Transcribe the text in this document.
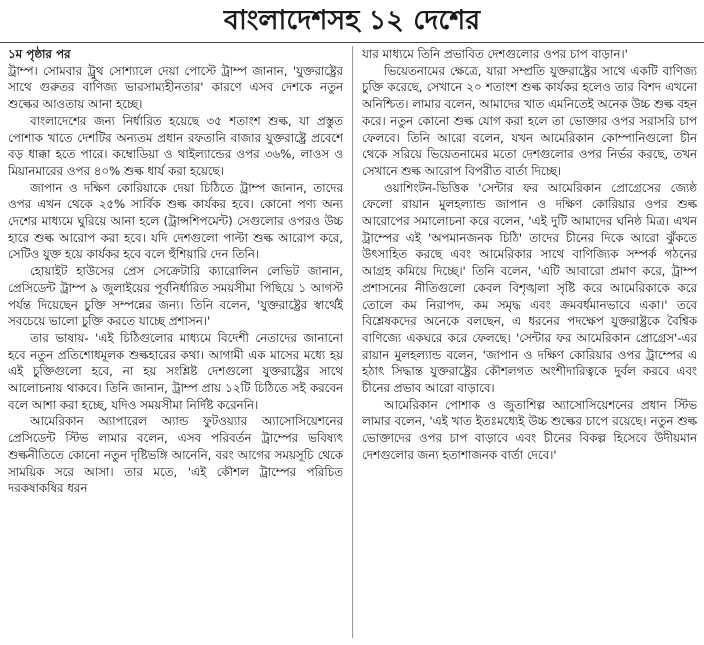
বাংলাদেশসহ ১২ দেশের

১ম পৃষ্ঠার পর

ট্রাম্প। সোমবার ট্রুথ সোশ্যালে দেয়া পোস্টে ট্রাম্প জানান, 'যুক্তরাষ্ট্রের সাথে গুরুতর বাণিজ্য ভারসাম্যহীনতার' কারণে এসব দেশকে নতুন শুল্কের আওতায় আনা হচ্ছে।

বাংলাদেশের জন্য নির্ধারিত হয়েছে ৩৫ শতাংশ শুল্ক, যা প্রস্তুত পোশাক খাতে দেশটির অন্যতম প্রধান রফতানি বাজার যুক্তরাষ্ট্রে প্রবেশে বড় ধাক্কা হতে পারে। কম্বোডিয়া ও থাইল্যান্ডের ওপর ৩৬%, লাওস ও মিয়ানমারের ওপর ৪০% শুল্ক ধার্য করা হয়েছে।

জাপান ও দক্ষিণ কোরিয়াকে দেয়া চিঠিতে ট্রাম্প জানান, তাদের ওপর এখন থেকে ২৫% সার্বিক শুল্ক কার্যকর হবে। কোনো পণ্য অন্য দেশের মাধ্যমে ঘুরিয়ে আনা হলে (ট্রান্সশিপমেন্ট) সেগুলোর ওপরও উচ্চ হারে শুল্ক আরোপ করা হবে। যদি দেশগুলো পাল্টা শুল্ক আরোপ করে, সেটিও যুক্ত হয়ে কার্যকর হবে বলে হুঁশিয়ারি দেন তিনি।

হোয়াইট হাউসের প্রেস সেক্রেটারি ক্যারোলিন লেভিট জানান, প্রেসিডেন্ট ট্রাম্প ৯ জুলাইয়ের পূর্বনির্ধারিত সময়সীমা পিছিয়ে ১ আগস্ট পর্যন্ত দিয়েছেন চুক্তি সম্পন্নের জন্য। তিনি বলেন, 'যুক্তরাষ্ট্রের স্বার্থেই সবচেয়ে ভালো চুক্তি করতে যাচ্ছে প্রশাসন।'

তার ভাষায়- 'এই চিঠিগুলোর মাধ্যমে বিদেশী নেতাদের জানানো হবে নতুন প্রতিশোধমূলক শুল্কহারের কথা। আগামী এক মাসের মধ্যে হয় এই চুক্তিগুলো হবে, না হয় সংশ্লিষ্ট দেশগুলো যুক্তরাষ্ট্রের সাথে আলোচনায় থাকবে। তিনি জানান, ট্রাম্প প্রায় ১২টি চিঠিতে সই করবেন বলে আশা করা হচ্ছে, যদিও সময়সীমা নির্দিষ্ট করেননি।

আমেরিকান অ্যাপারেল অ্যান্ড ফুটওয়্যার অ্যাসোসিয়েশনের প্রেসিডেন্ট স্টিভ লামার বলেন, এসব পরিবর্তন ট্রাম্পের ভবিষ্যৎ শুল্কনীতিতে কোনো নতুন দৃষ্টিভঙ্গি আনেনি, বরং আগের সময়সূচি থেকে সাময়িক সরে আসা। তার মতে, 'এই কৌশল ট্রাম্পের পরিচিত দরকষাকষির ধরন

যার মাধ্যমে তিনি প্রভাবিত দেশগুলোর ওপর চাপ বাড়ান।'

ভিয়েতনামের ক্ষেত্রে, যারা সম্প্রতি যুক্তরাষ্ট্রের সাথে একটি বাণিজ্য চুক্তি করেছে, সেখানে ২০ শতাংশ শুল্ক কার্যকর হলেও তার বিশদ এখনো অনিশ্চিত। লামার বলেন, আমাদের খাত এমনিতেই অনেক উচ্চ শুল্ক বহন করে। নতুন কোনো শুল্ক যোগ করা হলে তা ভোক্তার ওপর সরাসরি চাপ ফেলবে। তিনি আরো বলেন, যখন আমেরিকান কোম্পানিগুলো চীন থেকে সরিয়ে ভিয়েতনামের মতো দেশগুলোর ওপর নির্ভর করছে, তখন সেখানে শুল্ক আরোপ বিপরীত বার্তা দিচ্ছে।

ওয়াশিংটন-ভিত্তিক 'সেন্টার ফর আমেরিকান প্রোগ্রেসের জ্যেষ্ঠ ফেলো রায়ান মুলহল্যান্ড জাপান ও দক্ষিণ কোরিয়ার ওপর শুল্ক আরোপের সমালোচনা করে বলেন, 'এই দুটি আমাদের ঘনিষ্ঠ মিত্র। এখন ট্রাম্পের এই 'অপমানজনক চিঠি' তাদের চীনের দিকে আরো ঝুঁকতে উৎসাহিত করছে এবং আমেরিকার সাথে বাণিজ্যিক সম্পর্ক গঠনের আগ্রহ কমিয়ে দিচ্ছে।' তিনি বলেন, 'এটি আবারো প্রমাণ করে, ট্রাম্প প্রশাসনের নীতিগুলো কেবল বিশৃঙ্খলা সৃষ্টি করে আমেরিকাকে করে তোলে কম নিরাপদ, কম সমৃদ্ধ এবং ক্রমবর্ধমানভাবে একা।' তবে বিশ্লেষকদের অনেকে বলছেন, এ ধরনের পদক্ষেপ যুক্তরাষ্ট্রকে বৈশ্বিক বাণিজ্যে একঘরে করে ফেলছে। 'সেন্টার ফর আমেরিকান প্রোগ্রেস'-এর রায়ান মুলহল্যান্ড বলেন, 'জাপান ও দক্ষিণ কোরিয়ার ওপর ট্রাম্পের এ হঠাৎ সিদ্ধান্ত যুক্তরাষ্ট্রের কৌশলগত অংশীদারিত্বকে দুর্বল করবে এবং চীনের প্রভাব আরো বাড়াবে।

আমেরিকান পোশাক ও জুতাশিল্প অ্যাসোসিয়েশনের প্রধান স্টিভ লামার বলেন, 'এই খাত ইতঃমধ্যেই উচ্চ শুল্কের চাপে রয়েছে। নতুন শুল্ক ভোক্তাদের ওপর চাপ বাড়াবে এবং চীনের বিকল্প হিসেবে উদীয়মান দেশগুলোর জন্য হতাশাজনক বার্তা দেবে।'
